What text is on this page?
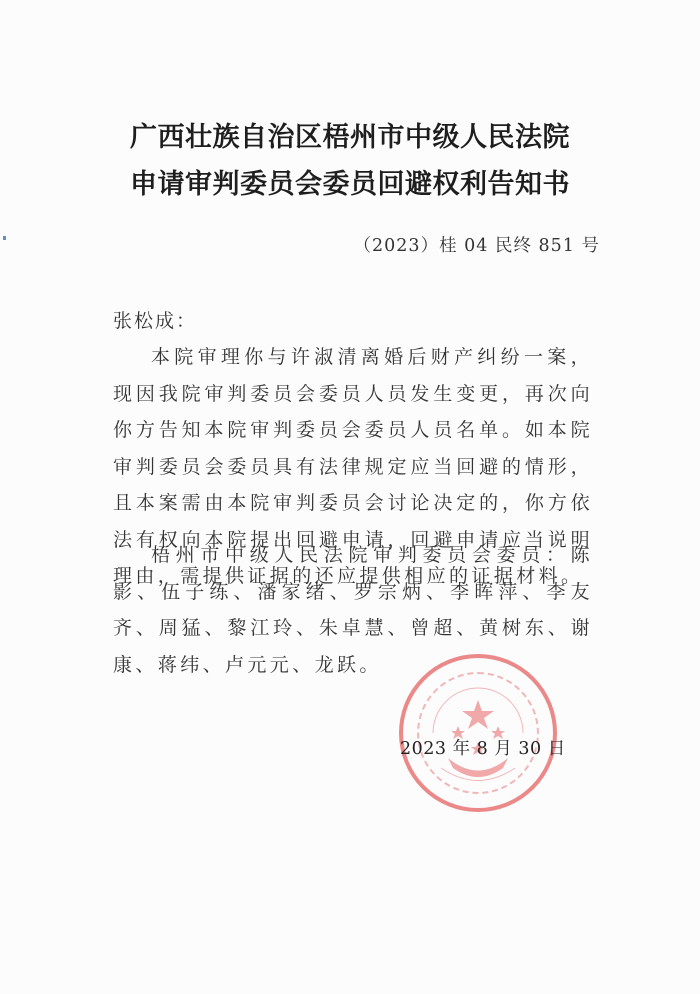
广西壮族自治区梧州市中级人民法院
申请审判委员会委员回避权利告知书
（2023）桂 04 民终 851 号
张松成：
本院审理你与许淑清离婚后财产纠纷一案，现因我院审判委员会委员人员发生变更，再次向你方告知本院审判委员会委员人员名单。如本院审判委员会委员具有法律规定应当回避的情形，且本案需由本院审判委员会讨论决定的，你方依法有权向本院提出回避申请，回避申请应当说明理由，需提供证据的还应提供相应的证据材料。
梧州市中级人民法院审判委员会委员：陈影、伍子练、潘家绪、罗宗炳、李晖萍、李友齐、周猛、黎江玲、朱卓慧、曾超、黄树东、谢康、蒋纬、卢元元、龙跃。
2023 年 8 月 30 日
